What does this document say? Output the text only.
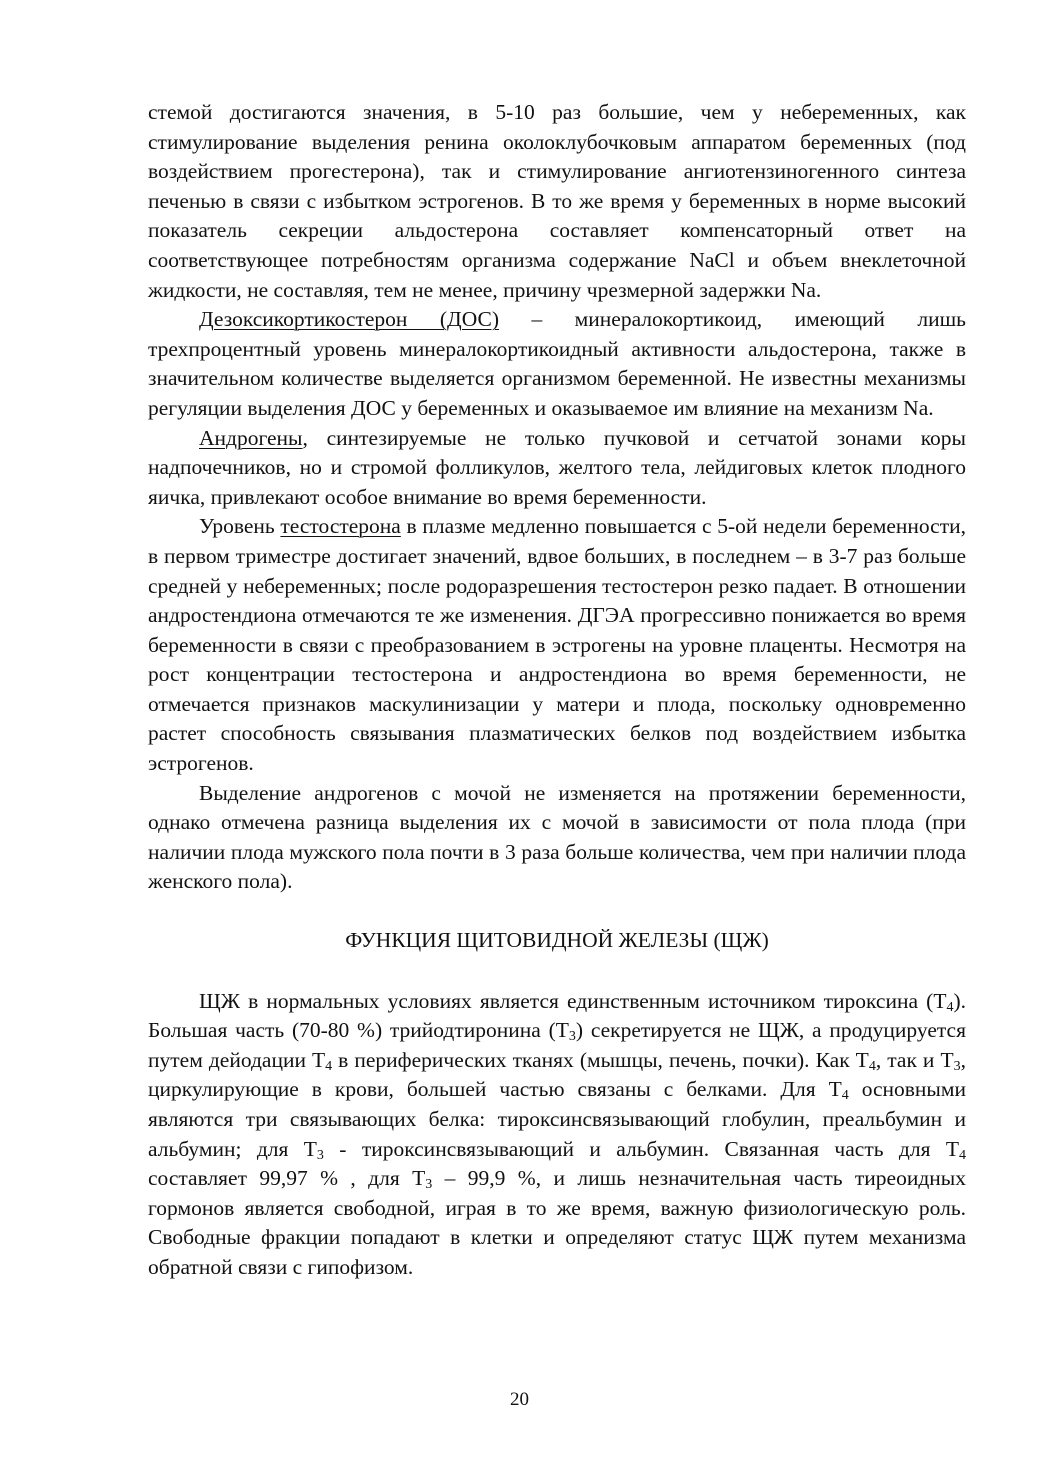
стемой достигаются значения, в 5-10 раз большие, чем у небеременных, как стимулирование выделения ренина околоклубочковым аппаратом беременных (под воздействием прогестерона), так и стимулирование ангиотензиногенного синтеза печенью в связи с избытком эстрогенов. В то же время у беременных в норме высокий показатель секреции альдостерона составляет компенсаторный ответ на соответствующее потребностям организма содержание NaCl и объем внеклеточной жидкости, не составляя, тем не менее, причину чрезмерной задержки Na.

Дезоксикортикостерон (ДОС) – минералокортикоид, имеющий лишь трехпроцентный уровень минералокортикоидный активности альдостерона, также в значительном количестве выделяется организмом беременной. Не известны механизмы регуляции выделения ДОС у беременных и оказываемое им влияние на механизм Na.

Андрогены, синтезируемые не только пучковой и сетчатой зонами коры надпочечников, но и стромой фолликулов, желтого тела, лейдиговых клеток плодного яичка, привлекают особое внимание во время беременности.

Уровень тестостерона в плазме медленно повышается с 5-ой недели беременности, в первом триместре достигает значений, вдвое больших, в последнем – в 3-7 раз больше средней у небеременных; после родоразрешения тестостерон резко падает. В отношении андростендиона отмечаются те же изменения. ДГЭА прогрессивно понижается во время беременности в связи с преобразованием в эстрогены на уровне плаценты. Несмотря на рост концентрации тестостерона и андростендиона во время беременности, не отмечается признаков маскулинизации у матери и плода, поскольку одновременно растет способность связывания плазматических белков под воздействием избытка эстрогенов.

Выделение андрогенов с мочой не изменяется на протяжении беременности, однако отмечена разница выделения их с мочой в зависимости от пола плода (при наличии плода мужского пола почти в 3 раза больше количества, чем при наличии плода женского пола).

ФУНКЦИЯ ЩИТОВИДНОЙ ЖЕЛЕЗЫ (ЩЖ)

ЩЖ в нормальных условиях является единственным источником тироксина $(Т_4)$. Большая часть (70-80 %) трийодтиронина $(Т_3)$ секретируется не ЩЖ, а продуцируется путем дейодации $Т_4$ в периферических тканях (мышцы, печень, почки). Как $Т_4$, так и $Т_3$, циркулирующие в крови, большей частью связаны с белками. Для $Т_4$ основными являются три связывающих белка: тироксинсвязывающий глобулин, преальбумин и альбумин; для $Т_3$ - тироксинсвязывающий и альбумин. Связанная часть для $Т_4$ составляет 99,97 % , для $Т_3 - 99,9$ %, и лишь незначительная часть тиреоидных гормонов является свободной, играя в то же время, важную физиологическую роль. Свободные фракции попадают в клетки и определяют статус ЩЖ путем механизма обратной связи с гипофизом.

20
